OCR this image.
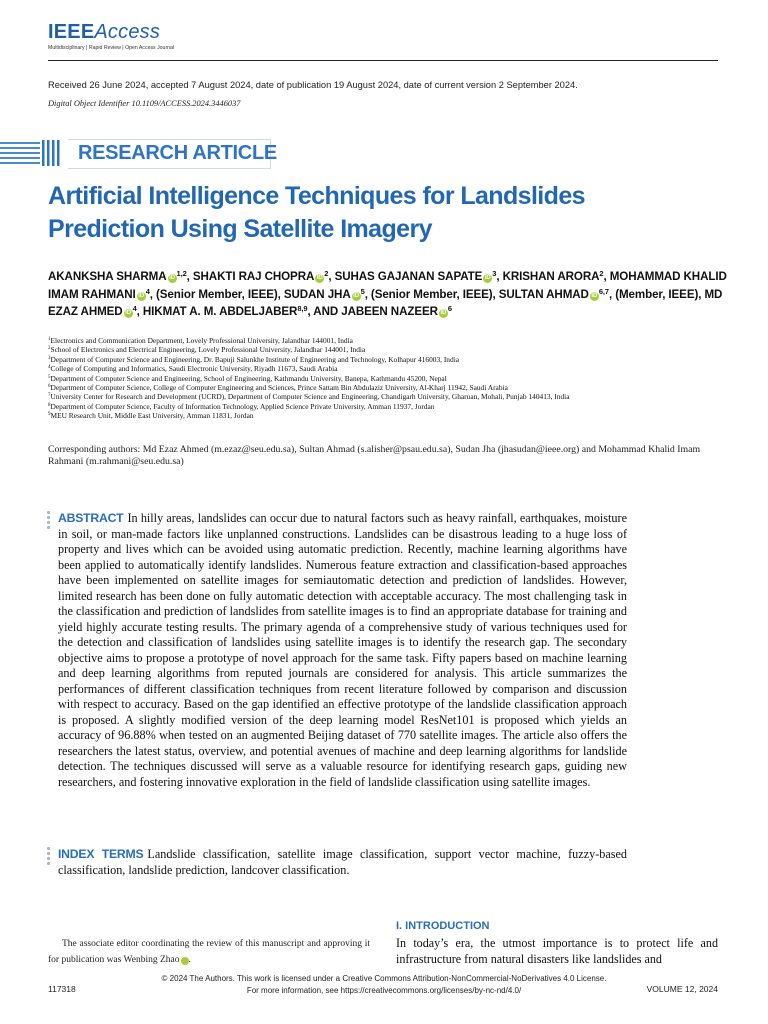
IEEEAccess
Multidisciplinary | Rapid Review | Open Access Journal
Received 26 June 2024, accepted 7 August 2024, date of publication 19 August 2024, date of current version 2 September 2024.
Digital Object Identifier 10.1109/ACCESS.2024.3446037
RESEARCH ARTICLE
Artificial Intelligence Techniques for Landslides Prediction Using Satellite Imagery
AKANKSHA SHARMA iD $^{1,2}$, SHAKTI RAJ CHOPRA iD $^2$, SUHAS GAJANAN SAPATE iD $^3$, KRISHAN ARORA$^2$, MOHAMMAD KHALID IMAM RAHMANI iD $^4$, (Senior Member, IEEE), SUDAN JHA iD $^5$, (Senior Member, IEEE), SULTAN AHMAD iD $^{6,7}$, (Member, IEEE), MD EZAZ AHMED iD $^4$, HIKMAT A. M. ABDELJABER$^{8,9}$, AND JABEEN NAZEER iD $^6$
$^1$Electronics and Communication Department, Lovely Professional University, Jalandhar 144001, India
$^2$School of Electronics and Electrical Engineering, Lovely Professional University, Jalandhar 144001, India
$^3$Department of Computer Science and Engineering, Dr. Bapuji Salunkhe Institute of Engineering and Technology, Kolhapur 416003, India
$^4$College of Computing and Informatics, Saudi Electronic University, Riyadh 11673, Saudi Arabia
$^5$Department of Computer Science and Engineering, School of Engineering, Kathmandu University, Banepa, Kathmandu 45200, Nepal
$^6$Department of Computer Science, College of Computer Engineering and Sciences, Prince Sattam Bin Abdulaziz University, Al-Kharj 11942, Saudi Arabia
$^7$University Center for Research and Development (UCRD), Department of Computer Science and Engineering, Chandigarh University, Gharuan, Mohali, Punjab 140413, India
$^8$Department of Computer Science, Faculty of Information Technology, Applied Science Private University, Amman 11937, Jordan
$^9$MEU Research Unit, Middle East University, Amman 11831, Jordan
Corresponding authors: Md Ezaz Ahmed (m.ezaz@seu.edu.sa), Sultan Ahmad (s.alisher@psau.edu.sa), Sudan Jha (jhasudan@ieee.org) and Mohammad Khalid Imam Rahmani (m.rahmani@seu.edu.sa)
ABSTRACT In hilly areas, landslides can occur due to natural factors such as heavy rainfall, earthquakes, moisture in soil, or man-made factors like unplanned constructions. Landslides can be disastrous leading to a huge loss of property and lives which can be avoided using automatic prediction. Recently, machine learning algorithms have been applied to automatically identify landslides. Numerous feature extraction and classification-based approaches have been implemented on satellite images for semiautomatic detection and prediction of landslides. However, limited research has been done on fully automatic detection with acceptable accuracy. The most challenging task in the classification and prediction of landslides from satellite images is to find an appropriate database for training and yield highly accurate testing results. The primary agenda of a comprehensive study of various techniques used for the detection and classification of landslides using satellite images is to identify the research gap. The secondary objective aims to propose a prototype of novel approach for the same task. Fifty papers based on machine learning and deep learning algorithms from reputed journals are considered for analysis. This article summarizes the performances of different classification techniques from recent literature followed by comparison and discussion with respect to accuracy. Based on the gap identified an effective prototype of the landslide classification approach is proposed. A slightly modified version of the deep learning model ResNet101 is proposed which yields an accuracy of 96.88% when tested on an augmented Beijing dataset of 770 satellite images. The article also offers the researchers the latest status, overview, and potential avenues of machine and deep learning algorithms for landslide detection. The techniques discussed will serve as a valuable resource for identifying research gaps, guiding new researchers, and fostering innovative exploration in the field of landslide classification using satellite images.
INDEX TERMS Landslide classification, satellite image classification, support vector machine, fuzzy-based classification, landslide prediction, landcover classification.
The associate editor coordinating the review of this manuscript and approving it for publication was Wenbing Zhao	iD.
I. INTRODUCTION
In today’s era, the utmost importance is to protect life and infrastructure from natural disasters like landslides and
© 2024 The Authors. This work is licensed under a Creative Commons Attribution-NonCommercial-NoDerivatives 4.0 License.
For more information, see https://creativecommons.org/licenses/by-nc-nd/4.0/
117318	VOLUME 12, 2024
